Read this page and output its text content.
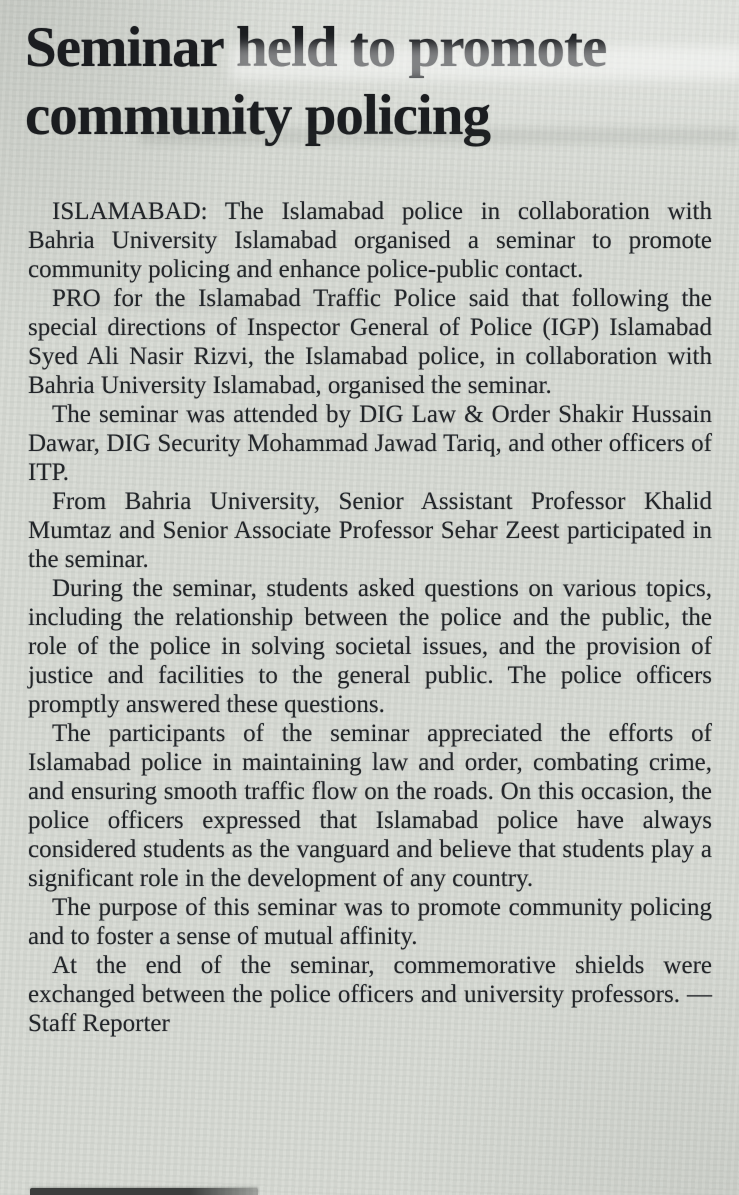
Seminar held to promote
community policing

ISLAMABAD: The Islamabad police in collaboration with Bahria University Islamabad organised a seminar to promote community policing and enhance police-public contact.

PRO for the Islamabad Traffic Police said that following the special directions of Inspector General of Police (IGP) Islamabad Syed Ali Nasir Rizvi, the Islamabad police, in collaboration with Bahria University Islamabad, organised the seminar.

The seminar was attended by DIG Law & Order Shakir Hussain Dawar, DIG Security Mohammad Jawad Tariq, and other officers of ITP.

From Bahria University, Senior Assistant Professor Khalid Mumtaz and Senior Associate Professor Sehar Zeest participated in the seminar.

During the seminar, students asked questions on various topics, including the relationship between the police and the public, the role of the police in solving societal issues, and the provision of justice and facilities to the general public. The police officers promptly answered these questions.

The participants of the seminar appreciated the efforts of Islamabad police in maintaining law and order, combating crime, and ensuring smooth traffic flow on the roads. On this occasion, the police officers expressed that Islamabad police have always considered students as the vanguard and believe that students play a significant role in the development of any country.

The purpose of this seminar was to promote community policing and to foster a sense of mutual affinity.

At the end of the seminar, commemorative shields were exchanged between the police officers and university professors. — Staff Reporter
